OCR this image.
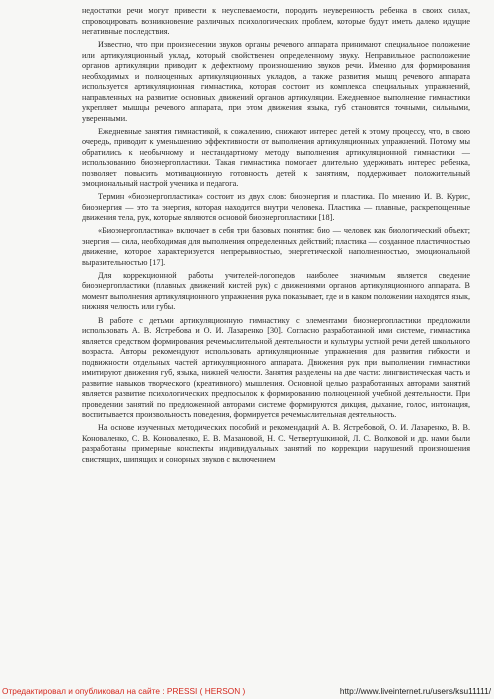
недостатки речи могут привести к неуспеваемости, породить неуверенность ребенка в своих силах, спровоцировать возникновение различных психологических проблем, которые будут иметь далеко идущие негативные последствия.

Известно, что при произнесении звуков органы речевого аппарата принимают специальное положение или артикуляционный уклад, который свойственен определенному звуку. Неправильное расположение органов артикуляции приводит к дефектному произношению звуков речи. Именно для формирования необходимых и полноценных артикуляционных укладов, а также развития мышц речевого аппарата используется артикуляционная гимнастика, которая состоит из комплекса специальных упражнений, направленных на развитие основных движений органов артикуляции. Ежедневное выполнение гимнастики укрепляет мышцы речевого аппарата, при этом движения языка, губ становятся точными, сильными, уверенными.

Ежедневные занятия гимнастикой, к сожалению, снижают интерес детей к этому процессу, что, в свою очередь, приводит к уменьшению эффективности от выполнения артикуляционных упражнений. Потому мы обратились к необычному и нестандартному методу выполнения артикуляционной гимнастики — использованию биоэнергопластики. Такая гимнастика помогает длительно удерживать интерес ребенка, позволяет повысить мотивационную готовность детей к занятиям, поддерживает положительный эмоциональный настрой ученика и педагога.

Термин «биоэнергопластика» состоит из двух слов: биоэнергия и пластика. По мнению И. В. Курис, биоэнергия — это та энергия, которая находится внутри человека. Пластика — плавные, раскрепощенные движения тела, рук, которые являются основой биоэнергопластики [18].

«Биоэнергопластика» включает в себя три базовых понятия: био — человек как биологический объект; энергия — сила, необходимая для выполнения определенных действий; пластика — созданное пластичностью движение, которое характеризуется непрерывностью, энергетической наполненностью, эмоциональной выразительностью [17].

Для коррекционной работы учителей-логопедов наиболее значимым является сведение биоэнергопластики (плавных движений кистей рук) с движениями органов артикуляционного аппарата. В момент выполнения артикуляционного упражнения рука показывает, где и в каком положении находятся язык, нижняя челюсть или губы.

В работе с детьми артикуляционную гимнастику с элементами биоэнергопластики предложили использовать А. В. Ястребова и О. И. Лазаренко [30]. Согласно разработанной ими системе, гимнастика является средством формирования речемыслительной деятельности и культуры устной речи детей школьного возраста. Авторы рекомендуют использовать артикуляционные упражнения для развития гибкости и подвижности отдельных частей артикуляционного аппарата. Движения рук при выполнении гимнастики имитируют движения губ, языка, нижней челюсти. Занятия разделены на две части: лингвистическая часть и развитие навыков творческого (креативного) мышления. Основной целью разработанных авторами занятий является развитие психологических предпосылок к формированию полноценной учебной деятельности. При проведении занятий по предложенной авторами системе формируются дикция, дыхание, голос, интонация, воспитывается произвольность поведения, формируется речемыслительная деятельность.

На основе изученных методических пособий и рекомендаций А. В. Ястребовой, О. И. Лазаренко, В. В. Коноваленко, С. В. Коноваленко, Е. В. Мазановой, Н. С. Четвертушкиной, Л. С. Волковой и др. нами были разработаны примерные конспекты индивидуальных занятий по коррекции нарушений произношения свистящих, шипящих и сонорных звуков с включением

Отредактировал и опубликовал на сайте : PRESSI ( HERSON )	http://www.liveinternet.ru/users/ksu11111/
